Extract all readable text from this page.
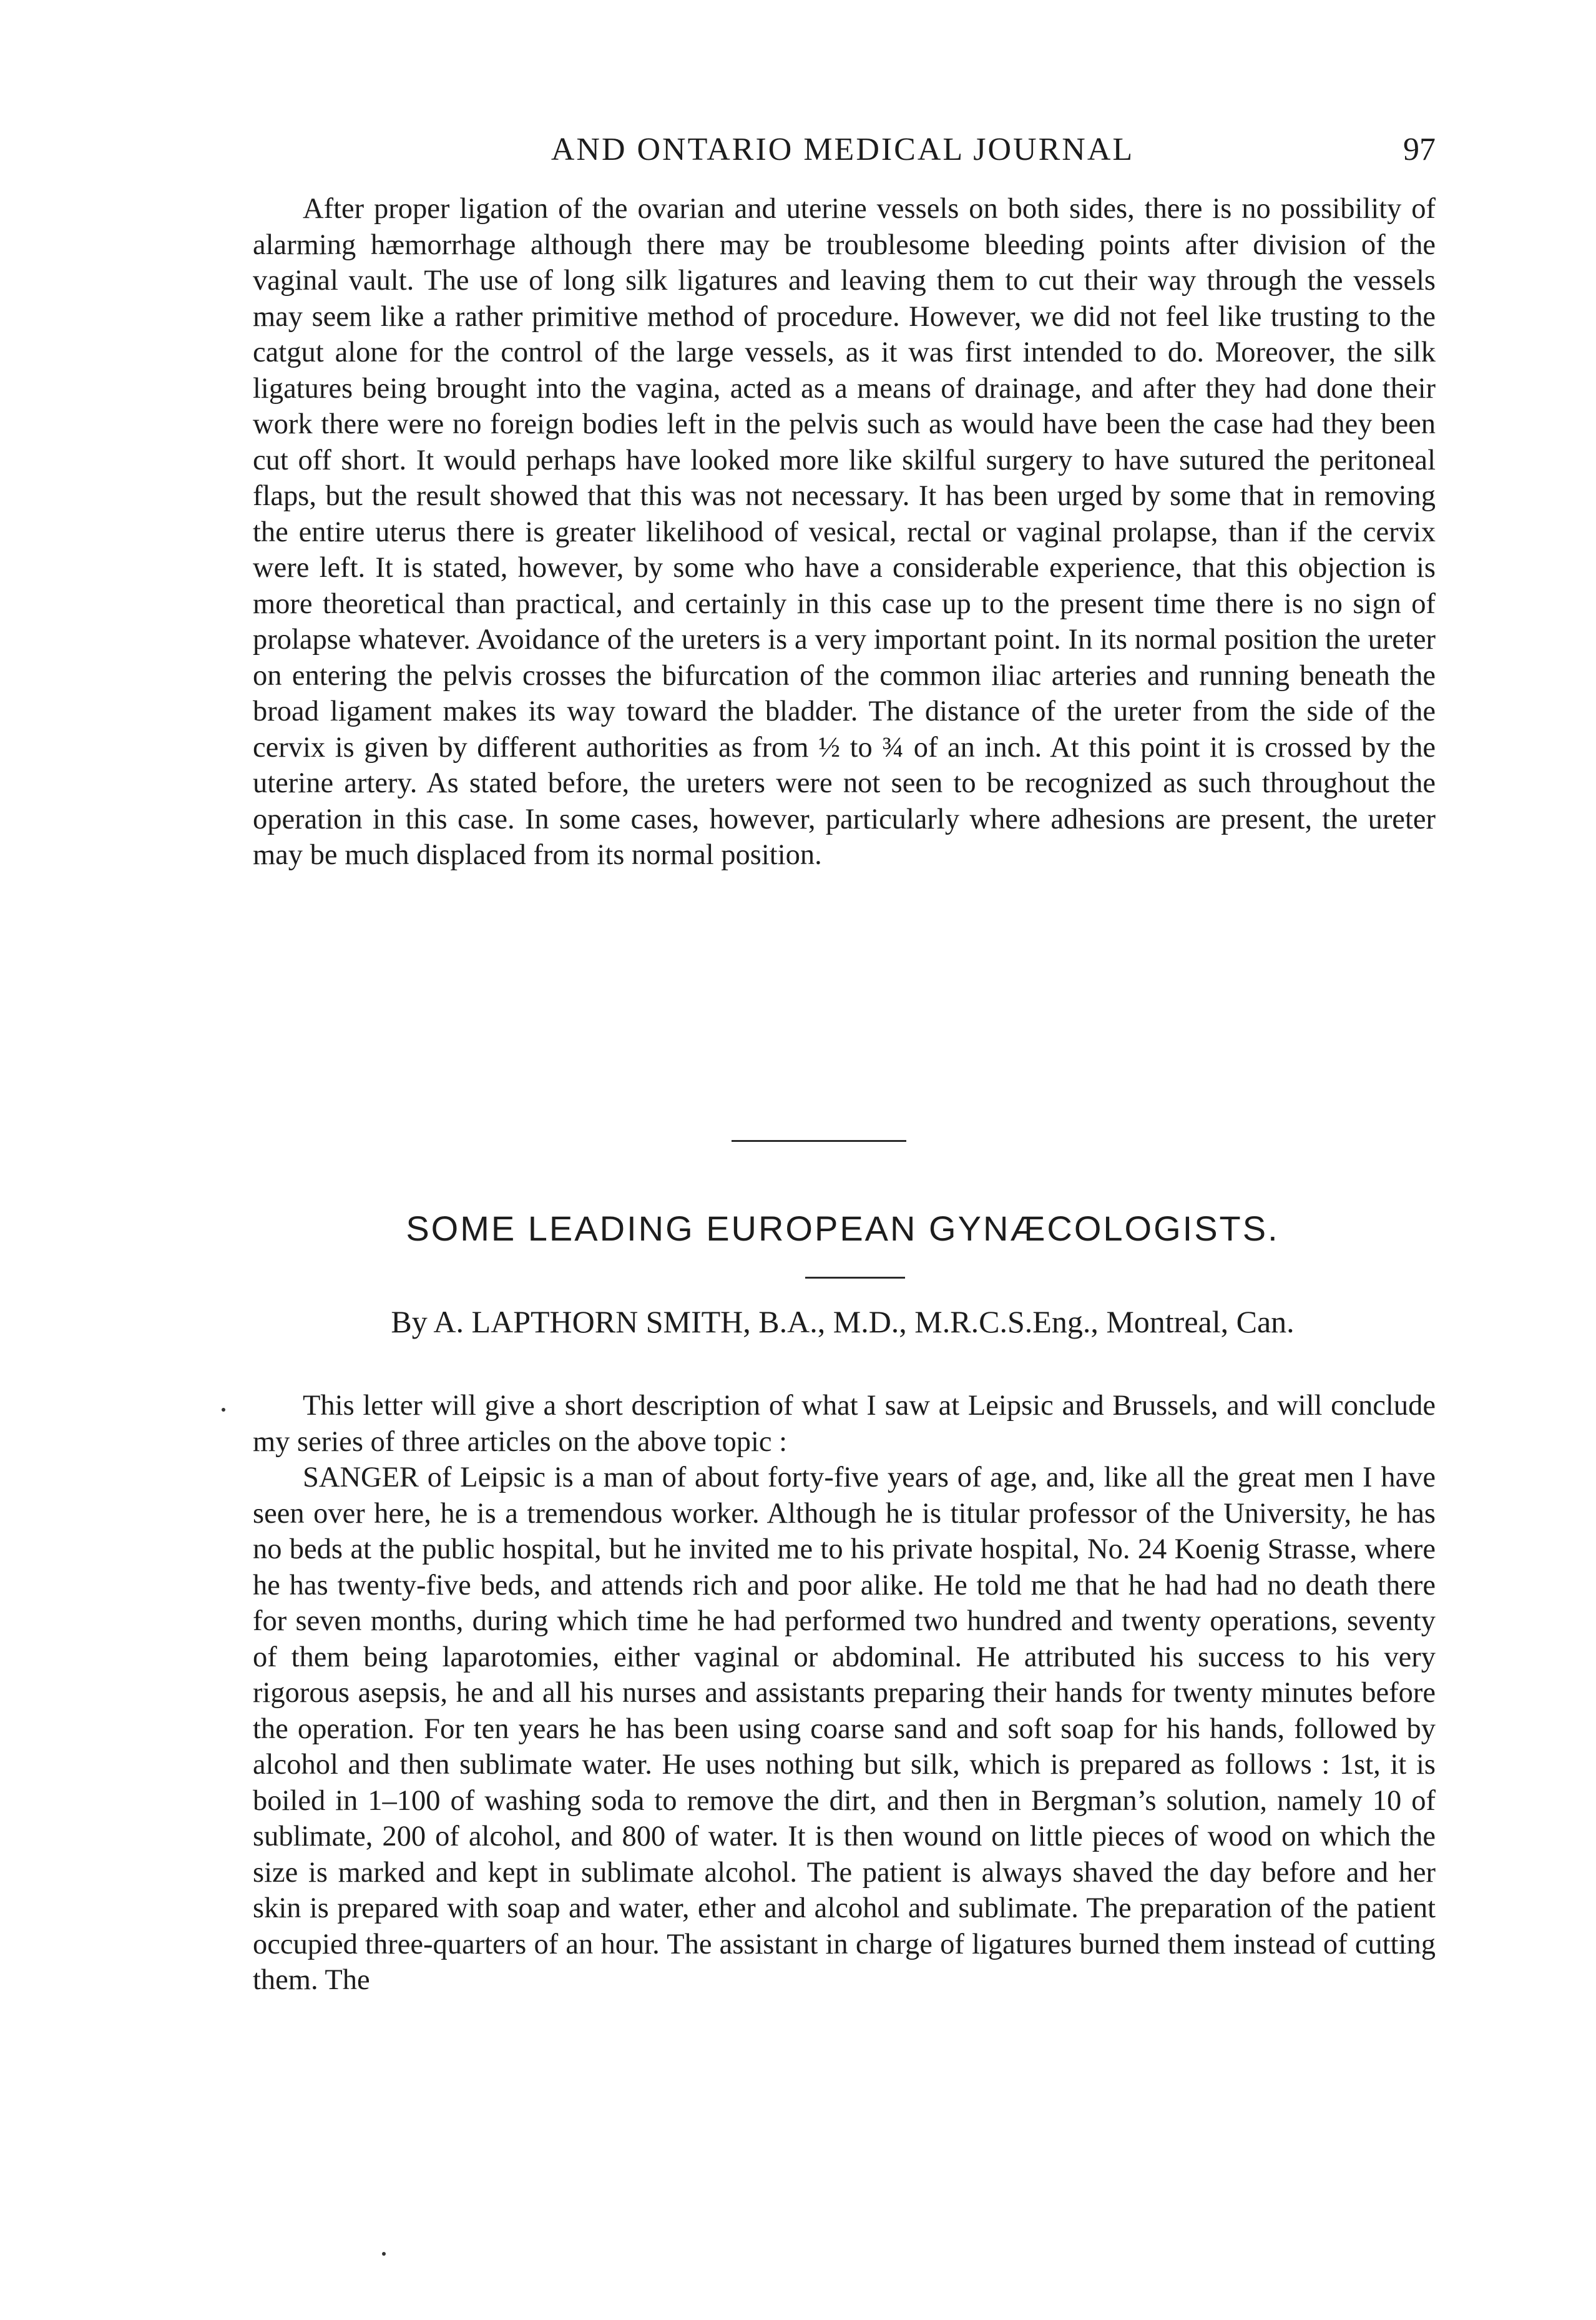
AND ONTARIO MEDICAL JOURNAL	97

After proper ligation of the ovarian and uterine vessels on both sides, there is no possibility of alarming hæmorrhage although there may be troublesome bleeding points after division of the vaginal vault. The use of long silk ligatures and leaving them to cut their way through the vessels may seem like a rather primitive method of procedure. However, we did not feel like trusting to the catgut alone for the control of the large vessels, as it was first intended to do. Moreover, the silk ligatures being brought into the vagina, acted as a means of drainage, and after they had done their work there were no foreign bodies left in the pelvis such as would have been the case had they been cut off short. It would perhaps have looked more like skilful surgery to have sutured the peritoneal flaps, but the result showed that this was not necessary. It has been urged by some that in removing the entire uterus there is greater likelihood of vesical, rectal or vaginal prolapse, than if the cervix were left. It is stated, however, by some who have a considerable experience, that this objection is more theoretical than practical, and certainly in this case up to the present time there is no sign of prolapse whatever. Avoidance of the ureters is a very important point. In its normal position the ureter on entering the pelvis crosses the bifurcation of the common iliac arteries and running beneath the broad ligament makes its way toward the bladder. The distance of the ureter from the side of the cervix is given by different authorities as from ½ to ¾ of an inch. At this point it is crossed by the uterine artery. As stated before, the ureters were not seen to be recognized as such throughout the operation in this case. In some cases, however, particularly where adhesions are present, the ureter may be much displaced from its normal position.

SOME LEADING EUROPEAN GYNÆCOLOGISTS.
By A. LAPTHORN SMITH, B.A., M.D., M.R.C.S.Eng., Montreal, Can.

This letter will give a short description of what I saw at Leipsic and Brussels, and will conclude my series of three articles on the above topic :

SANGER of Leipsic is a man of about forty-five years of age, and, like all the great men I have seen over here, he is a tremendous worker. Although he is titular professor of the University, he has no beds at the public hospital, but he invited me to his private hospital, No. 24 Koenig Strasse, where he has twenty-five beds, and attends rich and poor alike. He told me that he had had no death there for seven months, during which time he had performed two hundred and twenty operations, seventy of them being laparotomies, either vaginal or abdominal. He attributed his success to his very rigorous asepsis, he and all his nurses and assistants preparing their hands for twenty minutes before the operation. For ten years he has been using coarse sand and soft soap for his hands, followed by alcohol and then sublimate water. He uses nothing but silk, which is prepared as follows : 1st, it is boiled in 1–100 of washing soda to remove the dirt, and then in Bergman’s solution, namely 10 of sublimate, 200 of alcohol, and 800 of water. It is then wound on little pieces of wood on which the size is marked and kept in sublimate alcohol. The patient is always shaved the day before and her skin is prepared with soap and water, ether and alcohol and sublimate. The preparation of the patient occupied three-quarters of an hour. The assistant in charge of ligatures burned them instead of cutting them. The
